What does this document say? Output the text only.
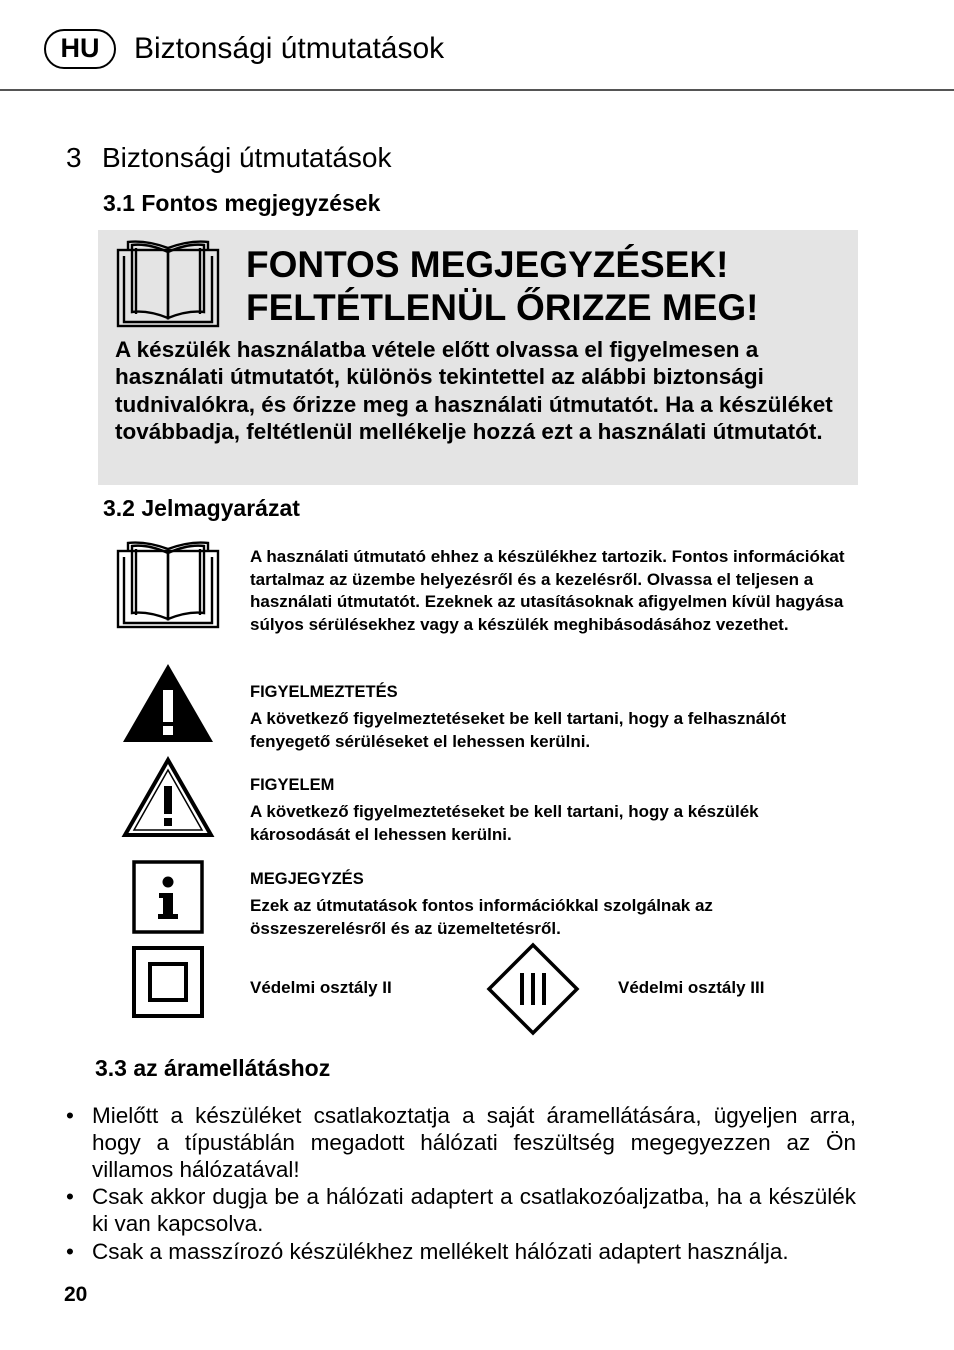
HU	Biztonsági útmutatások
3 Biztonsági útmutatások
3.1 Fontos megjegyzések
FONTOS MEGJEGYZÉSEK!
FELTÉTLENÜL ŐRIZZE MEG!
A készülék használatba vétele előtt olvassa el figyelmesen a használati útmutatót, különös tekintettel az alábbi biztonsági tudnivalókra, és őrizze meg a használati útmutatót. Ha a készüléket továbbadja, feltétlenül mellékelje hozzá ezt a használati útmutatót.
3.2 Jelmagyarázat
A használati útmutató ehhez a készülékhez tartozik. Fontos információkat tartalmaz az üzembe helyezésről és a kezelésről. Olvassa el teljesen a használati útmutatót. Ezeknek az utasításoknak afigyelmen kívül hagyása súlyos sérülésekhez vagy a készülék meghibásodásához vezethet.
FIGYELMEZTETÉS
A következő figyelmeztetéseket be kell tartani, hogy a felhasználót fenyegető sérüléseket el lehessen kerülni.
FIGYELEM
A következő figyelmeztetéseket be kell tartani, hogy a készülék károsodását el lehessen kerülni.
MEGJEGYZÉS
Ezek az útmutatások fontos információkkal szolgálnak az összeszerelésről és az üzemeltetésről.
Védelmi osztály II	Védelmi osztály III
3.3 az áramellátáshoz
• Mielőtt a készüléket csatlakoztatja a saját áramellátására, ügyeljen arra, hogy a típustáblán megadott hálózati feszültség megegyezzen az Ön villamos hálózatával!
• Csak akkor dugja be a hálózati adaptert a csatlakozóaljzatba, ha a készülék ki van kapcsolva.
• Csak a masszírozó készülékhez mellékelt hálózati adaptert használja.
20
